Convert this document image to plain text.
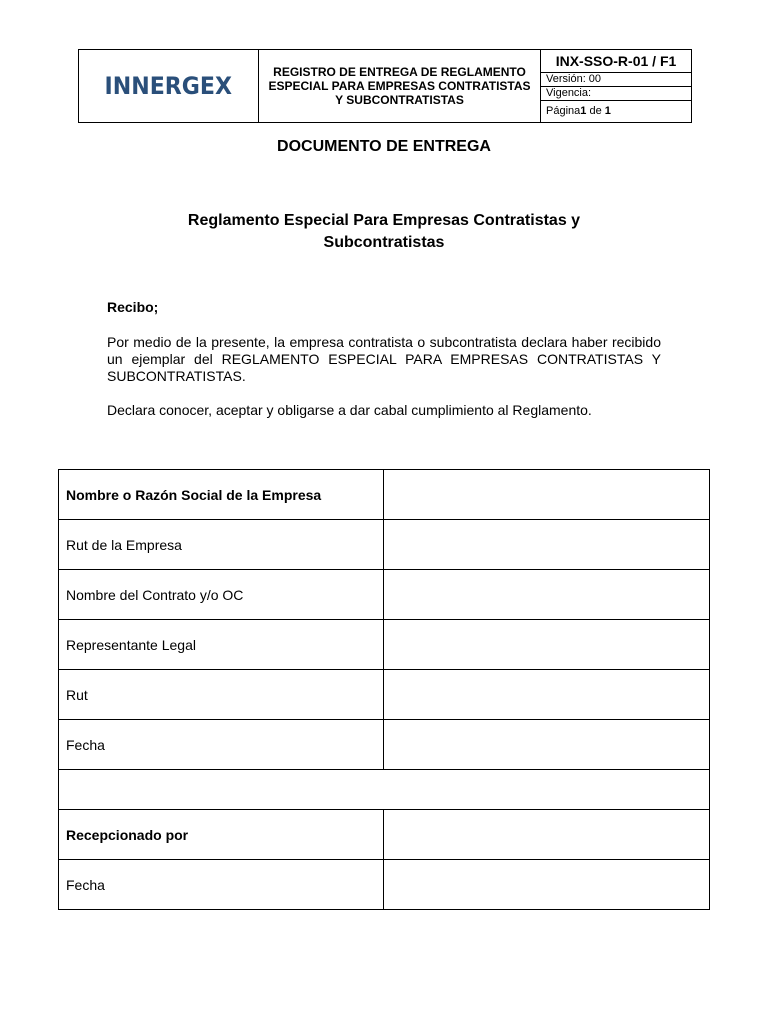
INNERGEX	REGISTRO DE ENTREGA DE REGLAMENTO ESPECIAL PARA EMPRESAS CONTRATISTAS Y SUBCONTRATISTAS
INX-SSO-R-01 / F1
Versión: 00
Vigencia:
Página 1 de 1
DOCUMENTO DE ENTREGA
Reglamento Especial Para Empresas Contratistas y Subcontratistas
Recibo;
Por medio de la presente, la empresa contratista o subcontratista declara haber recibido un ejemplar del REGLAMENTO ESPECIAL PARA EMPRESAS CONTRATISTAS Y SUBCONTRATISTAS.
Declara conocer, aceptar y obligarse a dar cabal cumplimiento al Reglamento.
Nombre o Razón Social de la Empresa	
Rut de la Empresa	
Nombre del Contrato y/o OC	
Representante Legal	
Rut	
Fecha	

Recepcionado por	
Fecha	
